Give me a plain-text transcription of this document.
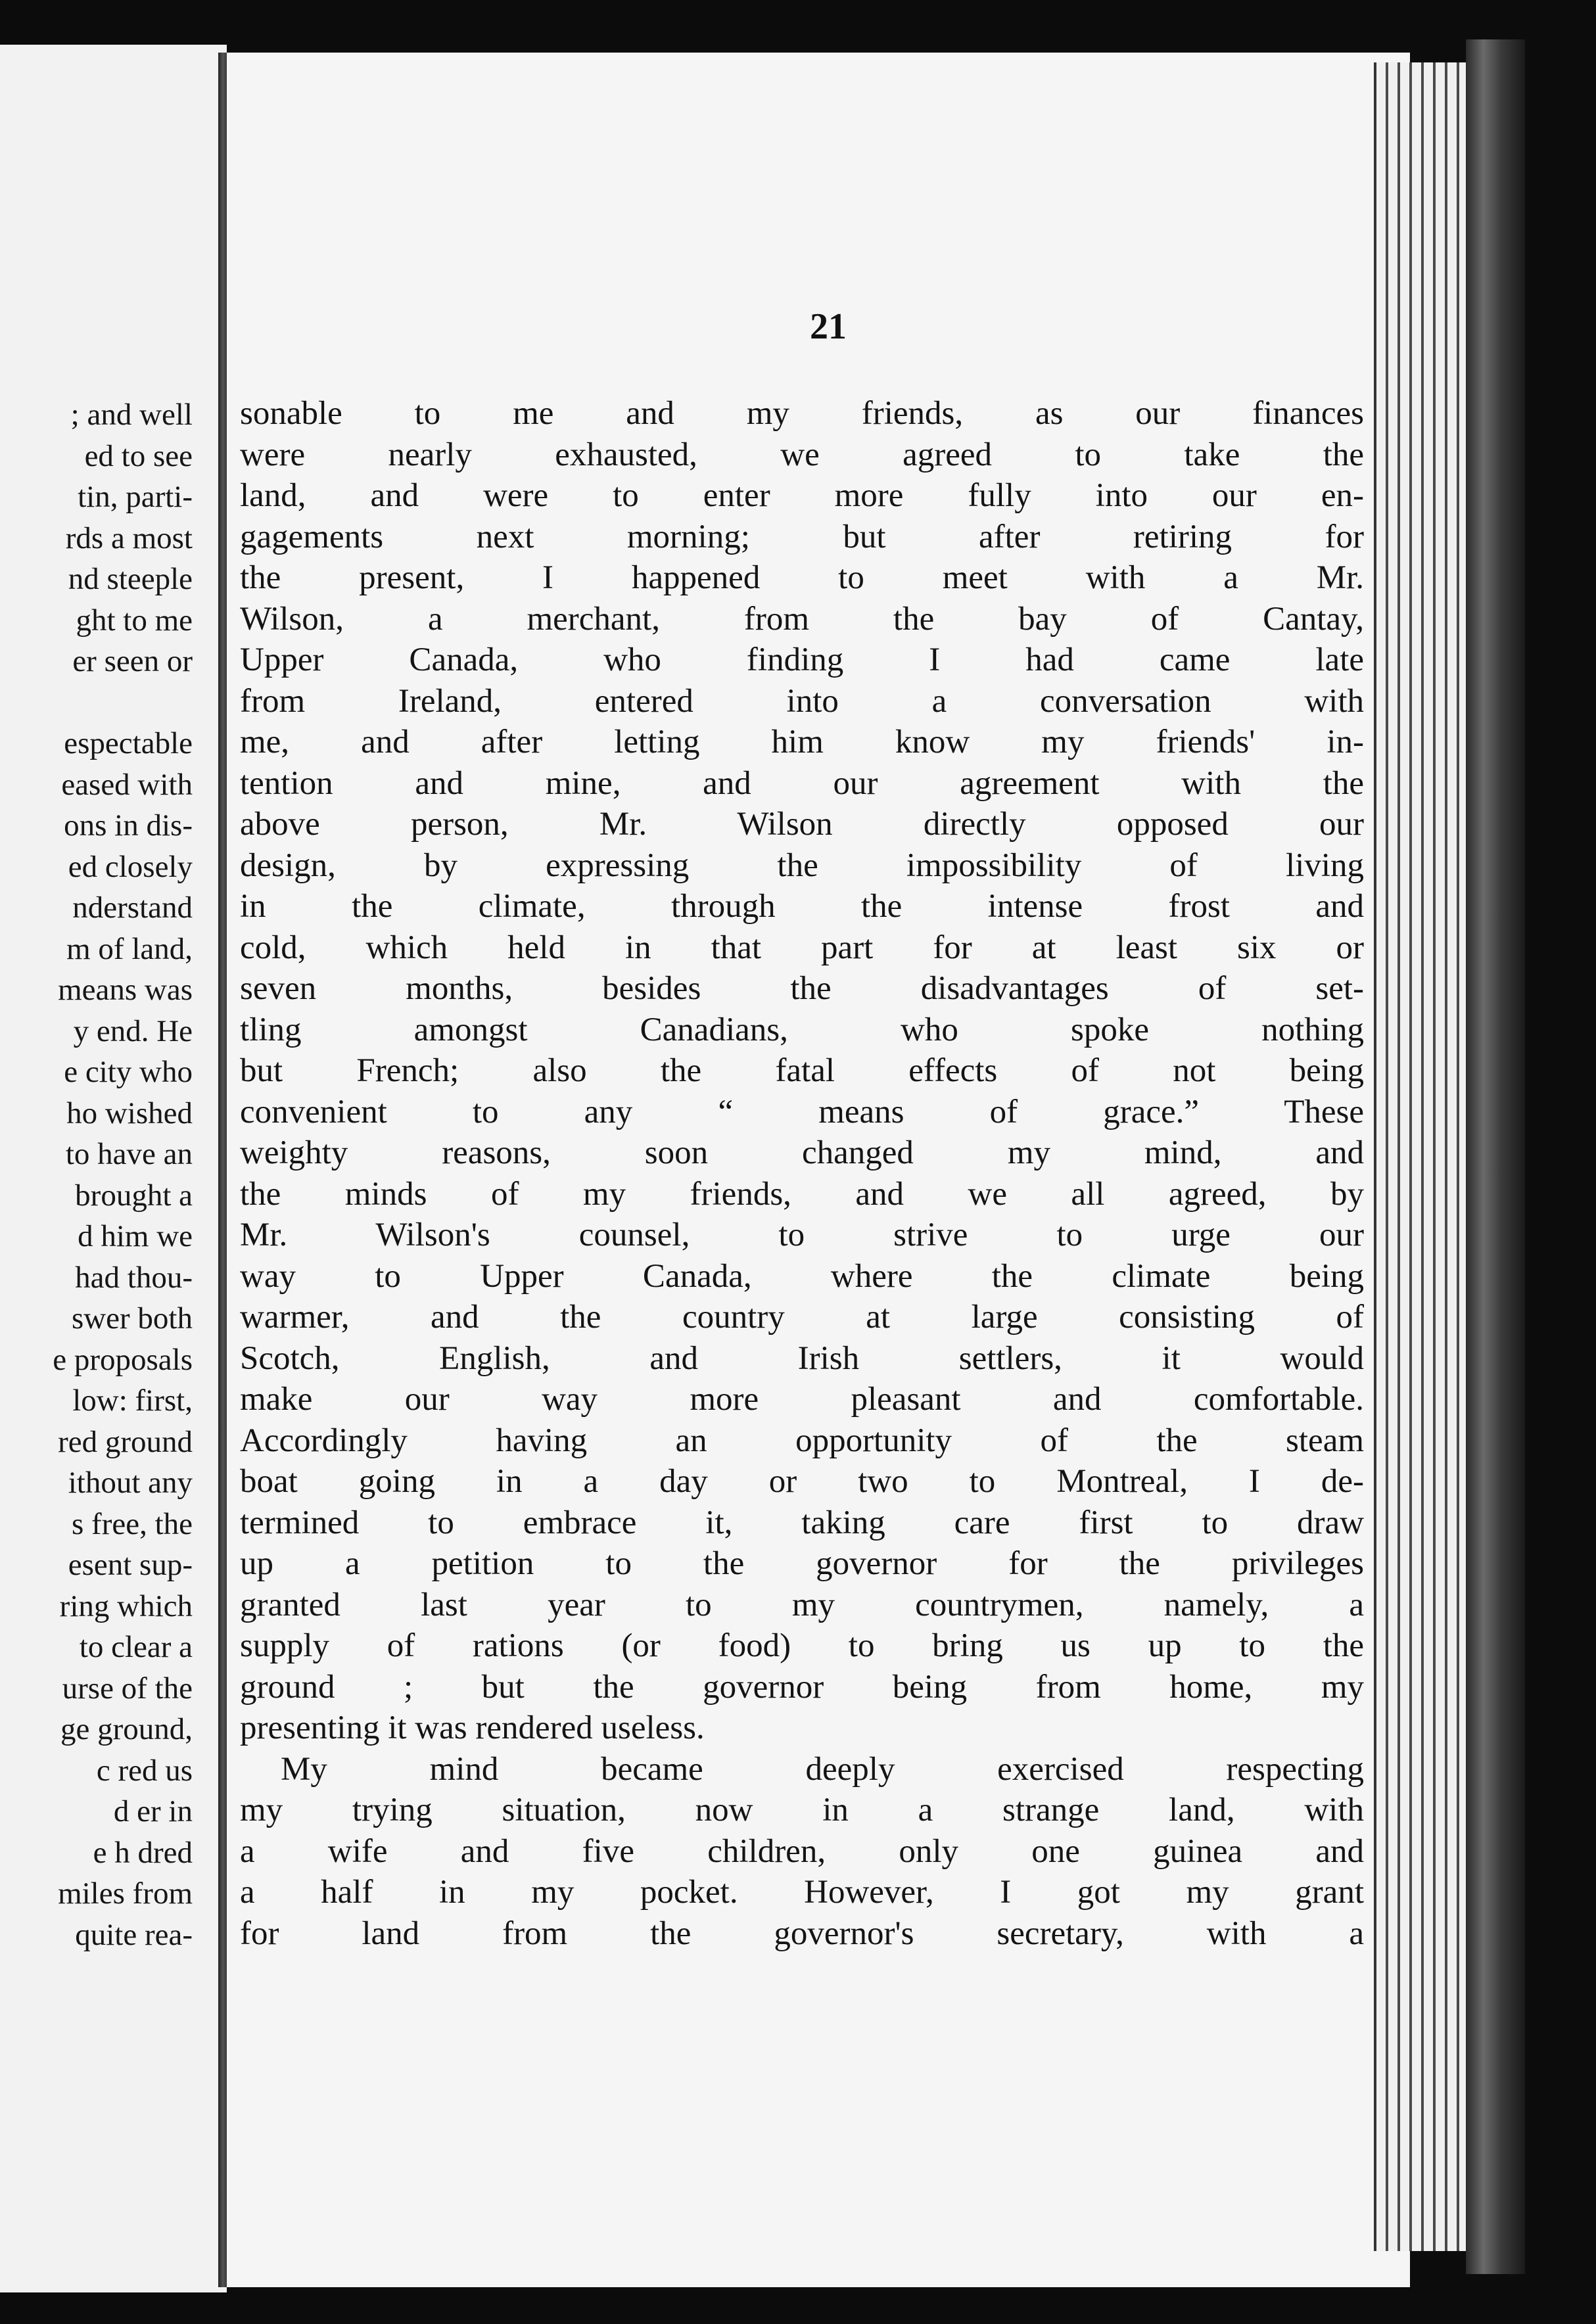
; and well
ed to see
tin, parti-
rds a most
nd steeple
ght to me
er seen or
espectable
eased with
ons in dis-
ed closely
nderstand
m of land,
means was
y end. He
e city who
ho wished
to have an
brought a
d him we
had thou-
swer both
e proposals
low: first,
red ground
ithout any
s free, the
esent sup-
ring which
to clear a
urse of the
ge ground,
c red us
d er in
e h dred
miles from
quite rea-
21
sonable to me and my friends, as our finances
were nearly exhausted, we agreed to take the
land, and were to enter more fully into our en-
gagements next morning; but after retiring for
the present, I happened to meet with a Mr.
Wilson, a merchant, from the bay of Cantay,
Upper Canada, who finding I had came late
from Ireland, entered into a conversation with
me, and after letting him know my friends' in-
tention and mine, and our agreement with the
above person, Mr. Wilson directly opposed our
design, by expressing the impossibility of living
in the climate, through the intense frost and
cold, which held in that part for at least six or
seven months, besides the disadvantages of set-
tling amongst Canadians, who spoke nothing
but French; also the fatal effects of not being
convenient to any “ means of grace.” These
weighty reasons, soon changed my mind, and
the minds of my friends, and we all agreed, by
Mr. Wilson's counsel, to strive to urge our
way to Upper Canada, where the climate being
warmer, and the country at large consisting of
Scotch, English, and Irish settlers, it would
make our way more pleasant and comfortable.
Accordingly having an opportunity of the steam
boat going in a day or two to Montreal, I de-
termined to embrace it, taking care first to draw
up a petition to the governor for the privileges
granted last year to my countrymen, namely, a
supply of rations (or food) to bring us up to the
ground ; but the governor being from home, my
presenting it was rendered useless.
My mind became deeply exercised respecting
my trying situation, now in a strange land, with
a wife and five children, only one guinea and
a half in my pocket. However, I got my grant
for land from the governor's secretary, with a
